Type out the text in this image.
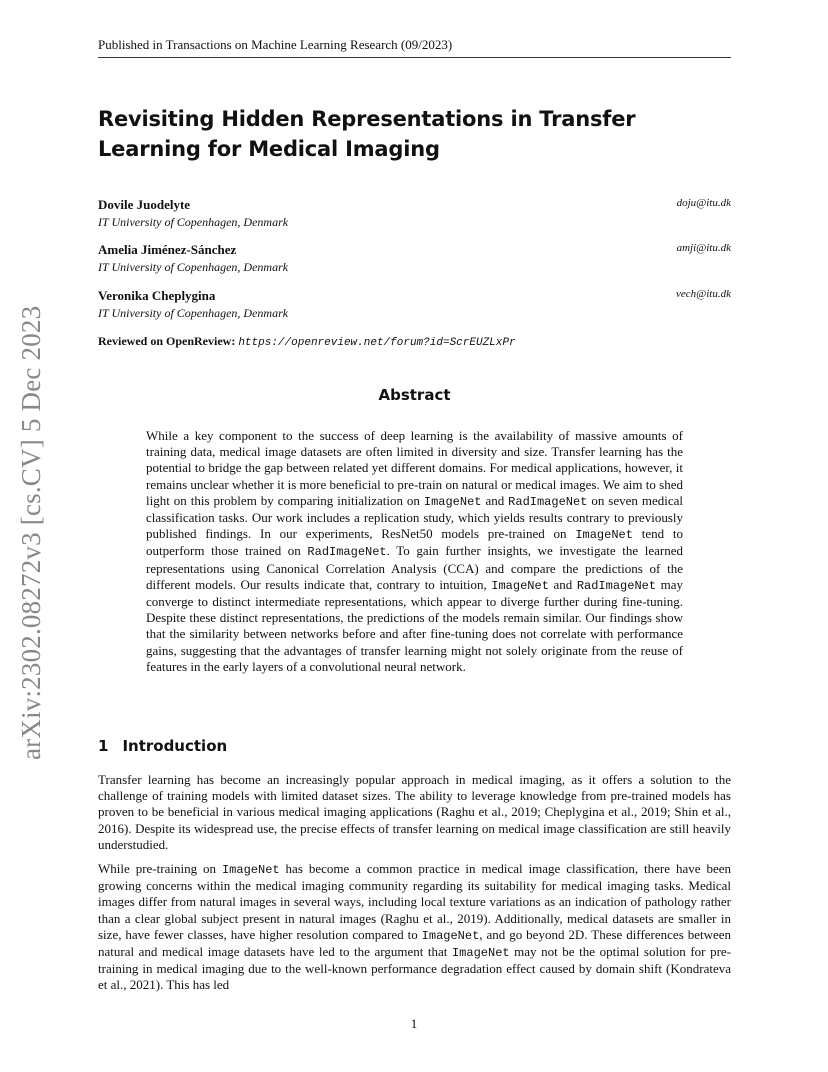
Published in Transactions on Machine Learning Research (09/2023)
arXiv:2302.08272v3 [cs.CV] 5 Dec 2023
Revisiting Hidden Representations in Transfer Learning for Medical Imaging
Dovile Juodelyte
IT University of Copenhagen, Denmark
doju@itu.dk
Amelia Jiménez-Sánchez
IT University of Copenhagen, Denmark
amji@itu.dk
Veronika Cheplygina
IT University of Copenhagen, Denmark
vech@itu.dk
Reviewed on OpenReview: https://openreview.net/forum?id=ScrEUZLxPr
Abstract
While a key component to the success of deep learning is the availability of massive amounts of training data, medical image datasets are often limited in diversity and size. Transfer learning has the potential to bridge the gap between related yet different domains. For medical applications, however, it remains unclear whether it is more beneficial to pre-train on natural or medical images. We aim to shed light on this problem by comparing initialization on ImageNet and RadImageNet on seven medical classification tasks. Our work includes a replication study, which yields results contrary to previously published findings. In our experiments, ResNet50 models pre-trained on ImageNet tend to outperform those trained on RadImageNet. To gain further insights, we investigate the learned representations using Canonical Correlation Analysis (CCA) and compare the predictions of the different models. Our results indicate that, contrary to intuition, ImageNet and RadImageNet may converge to distinct intermediate representations, which appear to diverge further during fine-tuning. Despite these distinct representations, the predictions of the models remain similar. Our findings show that the similarity between networks before and after fine-tuning does not correlate with performance gains, suggesting that the advantages of transfer learning might not solely originate from the reuse of features in the early layers of a convolutional neural network.
1 Introduction

Transfer learning has become an increasingly popular approach in medical imaging, as it offers a solution to the challenge of training models with limited dataset sizes. The ability to leverage knowledge from pre-trained models has proven to be beneficial in various medical imaging applications (Raghu et al., 2019; Cheplygina et al., 2019; Shin et al., 2016). Despite its widespread use, the precise effects of transfer learning on medical image classification are still heavily understudied.

While pre-training on ImageNet has become a common practice in medical image classification, there have been growing concerns within the medical imaging community regarding its suitability for medical imaging tasks. Medical images differ from natural images in several ways, including local texture variations as an indication of pathology rather than a clear global subject present in natural images (Raghu et al., 2019). Additionally, medical datasets are smaller in size, have fewer classes, have higher resolution compared to ImageNet, and go beyond 2D. These differences between natural and medical image datasets have led to the argument that ImageNet may not be the optimal solution for pre-training in medical imaging due to the well-known performance degradation effect caused by domain shift (Kondrateva et al., 2021). This has led

1
